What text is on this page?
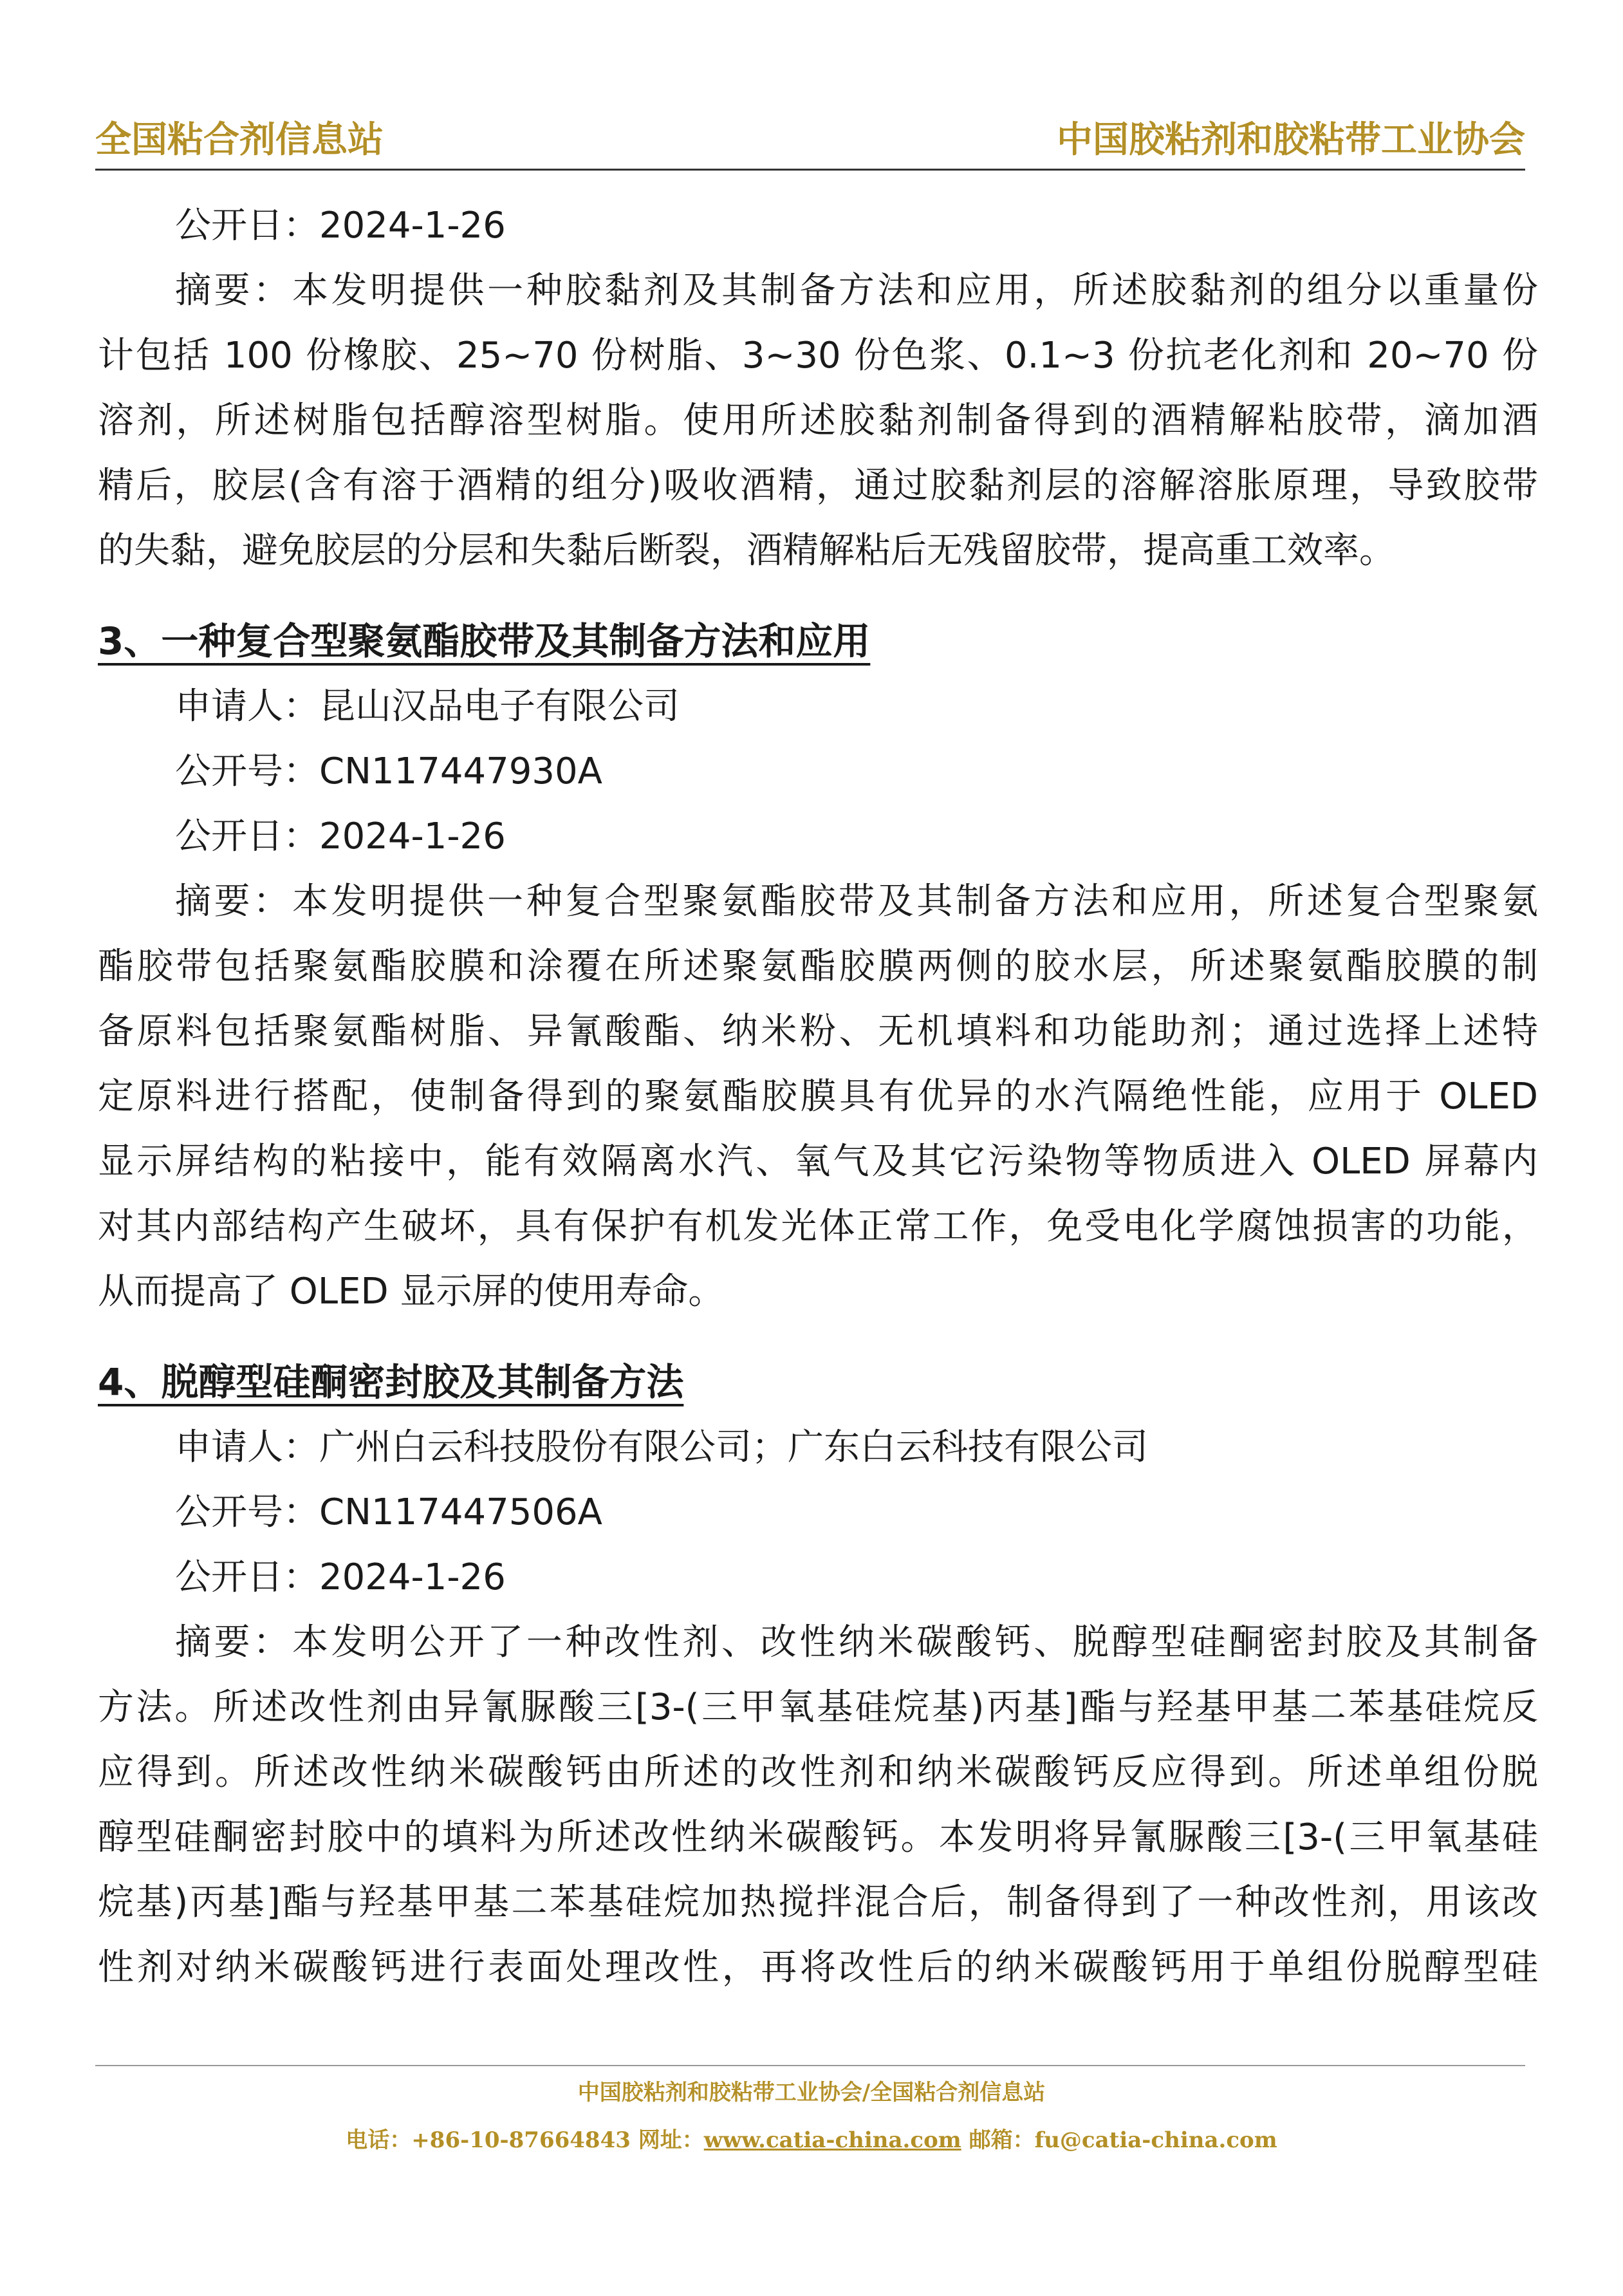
全国粘合剂信息站	中国胶粘剂和胶粘带工业协会
公开日：2024-1-26
摘要：本发明提供一种胶黏剂及其制备方法和应用，所述胶黏剂的组分以重量份
计包括 100 份橡胶、25~70 份树脂、3~30 份色浆、0.1~3 份抗老化剂和 20~70 份
溶剂，所述树脂包括醇溶型树脂。使用所述胶黏剂制备得到的酒精解粘胶带，滴加酒
精后，胶层(含有溶于酒精的组分)吸收酒精，通过胶黏剂层的溶解溶胀原理，导致胶带
的失黏，避免胶层的分层和失黏后断裂，酒精解粘后无残留胶带，提高重工效率。
3、一种复合型聚氨酯胶带及其制备方法和应用
申请人：昆山汉品电子有限公司
公开号：CN117447930A
公开日：2024-1-26
摘要：本发明提供一种复合型聚氨酯胶带及其制备方法和应用，所述复合型聚氨
酯胶带包括聚氨酯胶膜和涂覆在所述聚氨酯胶膜两侧的胶水层，所述聚氨酯胶膜的制
备原料包括聚氨酯树脂、异氰酸酯、纳米粉、无机填料和功能助剂；通过选择上述特
定原料进行搭配，使制备得到的聚氨酯胶膜具有优异的水汽隔绝性能，应用于 OLED
显示屏结构的粘接中，能有效隔离水汽、氧气及其它污染物等物质进入 OLED 屏幕内
对其内部结构产生破坏，具有保护有机发光体正常工作，免受电化学腐蚀损害的功能，
从而提高了 OLED 显示屏的使用寿命。
4、脱醇型硅酮密封胶及其制备方法
申请人：广州白云科技股份有限公司；广东白云科技有限公司
公开号：CN117447506A
公开日：2024-1-26
摘要：本发明公开了一种改性剂、改性纳米碳酸钙、脱醇型硅酮密封胶及其制备
方法。所述改性剂由异氰脲酸三[3-(三甲氧基硅烷基)丙基]酯与羟基甲基二苯基硅烷反
应得到。所述改性纳米碳酸钙由所述的改性剂和纳米碳酸钙反应得到。所述单组份脱
醇型硅酮密封胶中的填料为所述改性纳米碳酸钙。本发明将异氰脲酸三[3-(三甲氧基硅
烷基)丙基]酯与羟基甲基二苯基硅烷加热搅拌混合后，制备得到了一种改性剂，用该改
性剂对纳米碳酸钙进行表面处理改性，再将改性后的纳米碳酸钙用于单组份脱醇型硅
中国胶粘剂和胶粘带工业协会/全国粘合剂信息站
电话：+86-10-87664843 网址：www.catia-china.com 邮箱：fu@catia-china.com
